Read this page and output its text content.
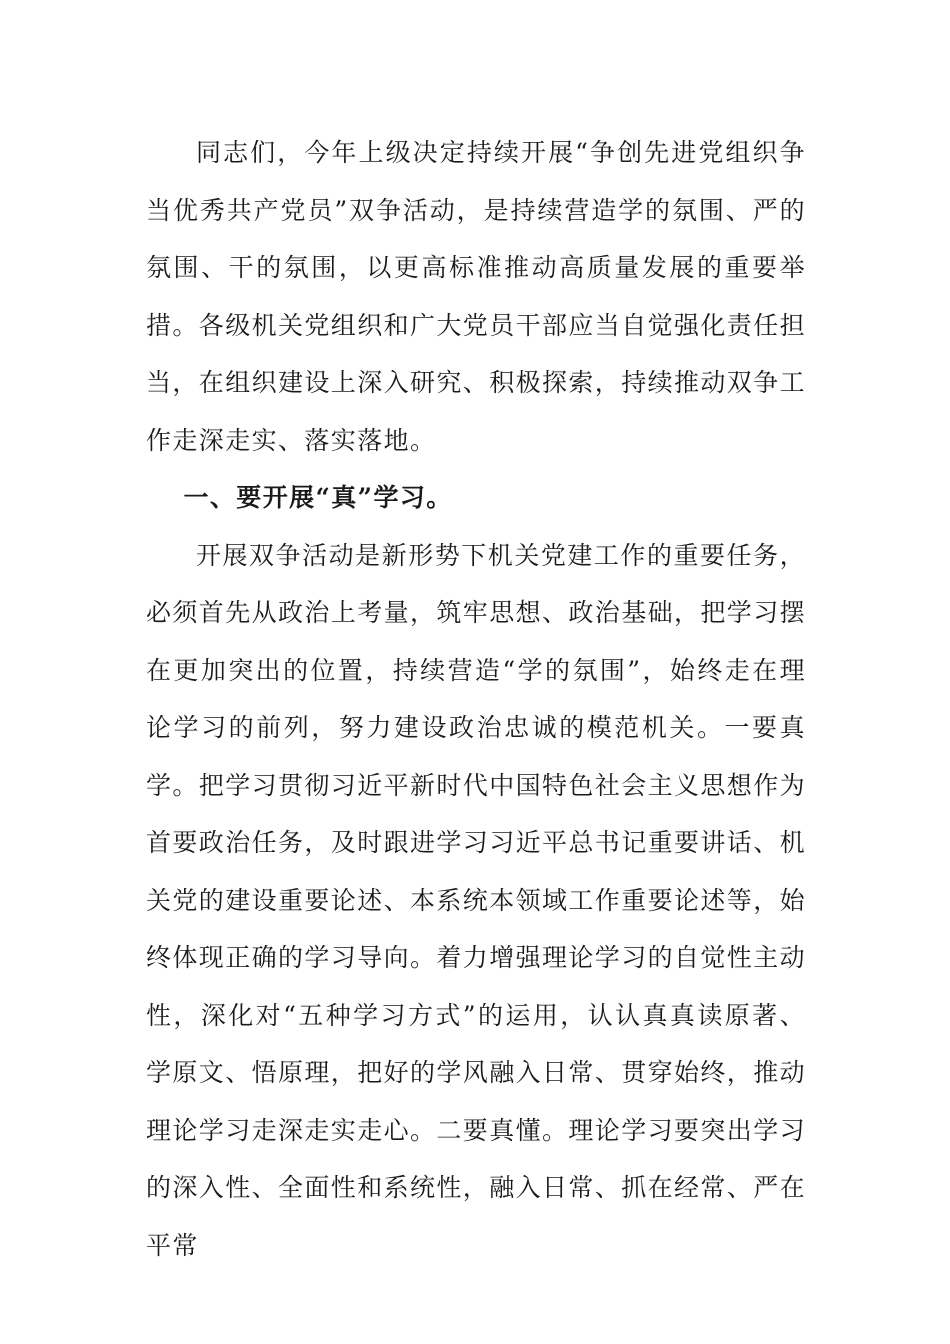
同志们，今年上级决定持续开展“争创先进党组织争当优秀共产党员”双争活动，是持续营造学的氛围、严的氛围、干的氛围，以更高标准推动高质量发展的重要举措。各级机关党组织和广大党员干部应当自觉强化责任担当，在组织建设上深入研究、积极探索，持续推动双争工作走深走实、落实落地。

一、要开展“真”学习。

开展双争活动是新形势下机关党建工作的重要任务，必须首先从政治上考量，筑牢思想、政治基础，把学习摆在更加突出的位置，持续营造“学的氛围”，始终走在理论学习的前列，努力建设政治忠诚的模范机关。一要真学。把学习贯彻习近平新时代中国特色社会主义思想作为首要政治任务，及时跟进学习习近平总书记重要讲话、机关党的建设重要论述、本系统本领域工作重要论述等，始终体现正确的学习导向。着力增强理论学习的自觉性主动性，深化对“五种学习方式”的运用，认认真真读原著、学原文、悟原理，把好的学风融入日常、贯穿始终，推动理论学习走深走实走心。二要真懂。理论学习要突出学习的深入性、全面性和系统性，融入日常、抓在经常、严在平常
